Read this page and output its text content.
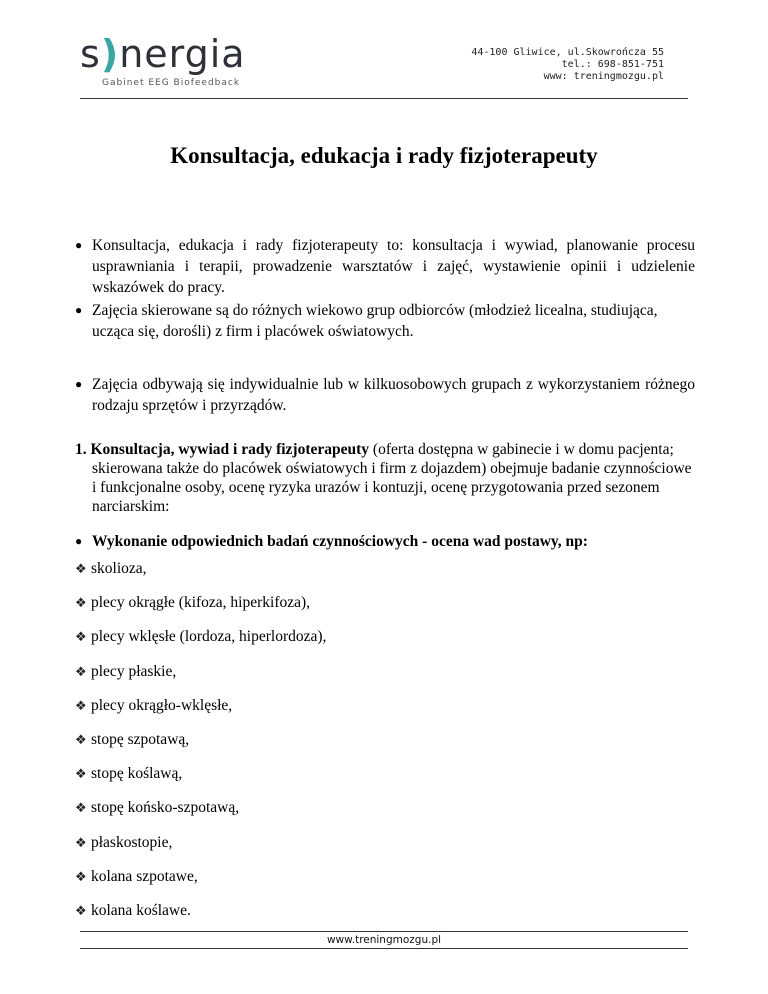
s)nergia
Gabinet EEG Biofeedback
44-100 Gliwice, ul.Skowrończa 55
tel.: 698-851-751
www: treningmozgu.pl
Konsultacja, edukacja i rady fizjoterapeuty
● Konsultacja, edukacja i rady fizjoterapeuty to: konsultacja i wywiad, planowanie procesu usprawniania i terapii, prowadzenie warsztatów i zajęć, wystawienie opinii i udzielenie wskazówek do pracy.
● Zajęcia skierowane są do różnych wiekowo grup odbiorców (młodzież licealna, studiująca, ucząca się, dorośli) z firm i placówek oświatowych.
● Zajęcia odbywają się indywidualnie lub w kilkuosobowych grupach z wykorzystaniem różnego rodzaju sprzętów i przyrządów.
1. Konsultacja, wywiad i rady fizjoterapeuty (oferta dostępna w gabinecie i w domu pacjenta; skierowana także do placówek oświatowych i firm z dojazdem) obejmuje badanie czynnościowe i funkcjonalne osoby, ocenę ryzyka urazów i kontuzji, ocenę przygotowania przed sezonem narciarskim:
● Wykonanie odpowiednich badań czynnościowych - ocena wad postawy, np:
❖ skolioza,
❖ plecy okrągłe (kifoza, hiperkifoza),
❖ plecy wklęsłe (lordoza, hiperlordoza),
❖ plecy płaskie,
❖ plecy okrągło-wklęsłe,
❖ stopę szpotawą,
❖ stopę koślawą,
❖ stopę końsko-szpotawą,
❖ płaskostopie,
❖ kolana szpotawe,
❖ kolana koślawe.
www.treningmozgu.pl
